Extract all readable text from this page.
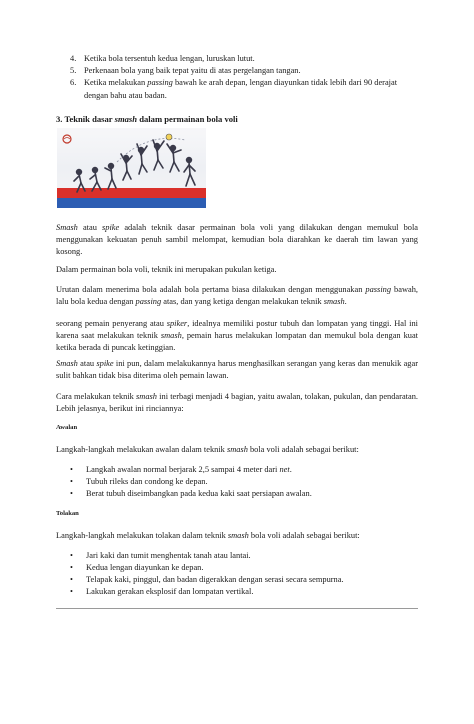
4. Ketika bola tersentuh kedua lengan, luruskan lutut.
5. Perkenaan bola yang baik tepat yaitu di atas pergelangan tangan.
6. Ketika melakukan passing bawah ke arah depan, lengan diayunkan tidak lebih dari 90 derajat dengan bahu atau badan.
3. Teknik dasar smash dalam permainan bola voli

Smash atau spike adalah teknik dasar permainan bola voli yang dilakukan dengan memukul bola menggunakan kekuatan penuh sambil melompat, kemudian bola diarahkan ke daerah tim lawan yang kosong.

Dalam permainan bola voli, teknik ini merupakan pukulan ketiga.

Urutan dalam menerima bola adalah bola pertama biasa dilakukan dengan menggunakan passing bawah, lalu bola kedua dengan passing atas, dan yang ketiga dengan melakukan teknik smash.

seorang pemain penyerang atau spiker, idealnya memiliki postur tubuh dan lompatan yang tinggi. Hal ini karena saat melakukan teknik smash, pemain harus melakukan lompatan dan memukul bola dengan kuat ketika berada di puncak ketinggian.

Smash atau spike ini pun, dalam melakukannya harus menghasilkan serangan yang keras dan menukik agar sulit bahkan tidak bisa diterima oleh pemain lawan.

Cara melakukan teknik smash ini terbagi menjadi 4 bagian, yaitu awalan, tolakan, pukulan, dan pendaratan. Lebih jelasnya, berikut ini rinciannya:

Awalan
Langkah-langkah melakukan awalan dalam teknik smash bola voli adalah sebagai berikut:
•	Langkah awalan normal berjarak 2,5 sampai 4 meter dari net.
•	Tubuh rileks dan condong ke depan.
•	Berat tubuh diseimbangkan pada kedua kaki saat persiapan awalan.
Tolakan
Langkah-langkah melakukan tolakan dalam teknik smash bola voli adalah sebagai berikut:
•	Jari kaki dan tumit menghentak tanah atau lantai.
•	Kedua lengan diayunkan ke depan.
•	Telapak kaki, pinggul, dan badan digerakkan dengan serasi secara sempurna.
•	Lakukan gerakan eksplosif dan lompatan vertikal.
